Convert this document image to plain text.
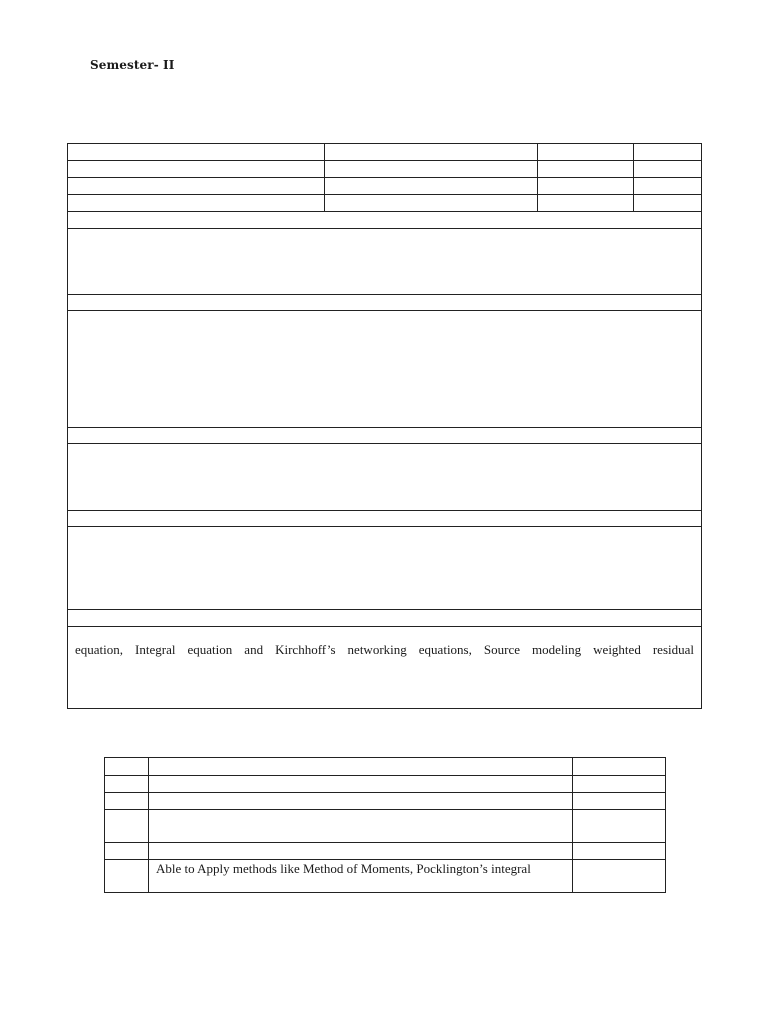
Semester- II
equation, Integral equation and Kirchhoff’s networking equations, Source modeling weighted residual
Able to Apply methods like Method of Moments, Pocklington’s integral
